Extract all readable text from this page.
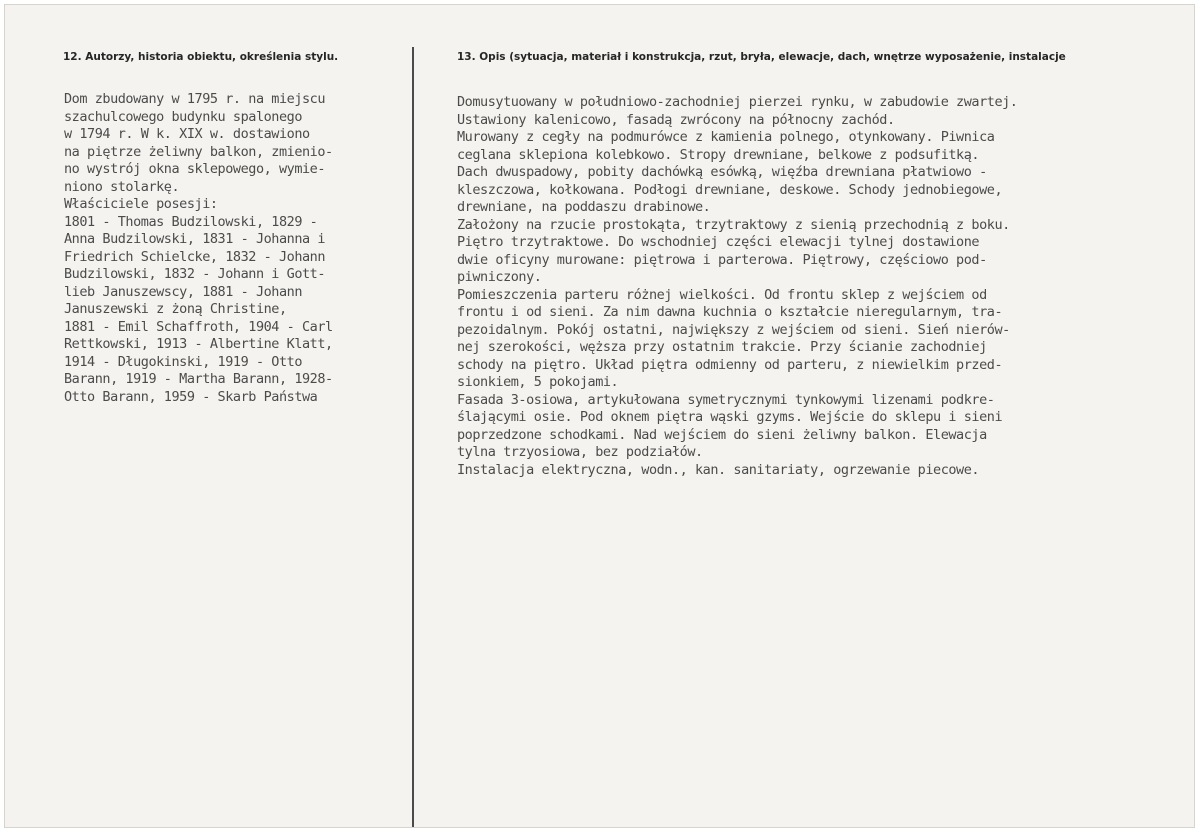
12. Autorzy, historia obiektu, określenia stylu.	13. Opis (sytuacja, materiał i konstrukcja, rzut, bryła, elewacje, dach, wnętrze wyposażenie, instalacje
Dom zbudowany w 1795 r. na miejscu
szachulcowego budynku spalonego
w 1794 r. W k. XIX w. dostawiono
na piętrze żeliwny balkon, zmienio-
no wystrój okna sklepowego, wymie-
niono stolarkę.
Właściciele posesji:
1801 - Thomas Budzilowski, 1829 -
Anna Budzilowski, 1831 - Johanna i
Friedrich Schielcke, 1832 - Johann
Budzilowski, 1832 - Johann i Gott-
lieb Januszewscy, 1881 - Johann
Januszewski z żoną Christine,
1881 - Emil Schaffroth, 1904 - Carl
Rettkowski, 1913 - Albertine Klatt,
1914 - Długokinski, 1919 - Otto
Barann, 1919 - Martha Barann, 1928-
Otto Barann, 1959 - Skarb Państwa
Domusytuowany w południowo-zachodniej pierzei rynku, w zabudowie zwartej.
Ustawiony kalenicowo, fasadą zwrócony na północny zachód.
Murowany z cegły na podmurówce z kamienia polnego, otynkowany. Piwnica
ceglana sklepiona kolebkowo. Stropy drewniane, belkowe z podsufitką.
Dach dwuspadowy, pobity dachówką esówką, więźba drewniana płatwiowo -
kleszczowa, kołkowana. Podłogi drewniane, deskowe. Schody jednobiegowe,
drewniane, na poddaszu drabinowe.
Założony na rzucie prostokąta, trzytraktowy z sienią przechodnią z boku.
Piętro trzytraktowe. Do wschodniej części elewacji tylnej dostawione
dwie oficyny murowane: piętrowa i parterowa. Piętrowy, częściowo pod-
piwniczony.
Pomieszczenia parteru różnej wielkości. Od frontu sklep z wejściem od
frontu i od sieni. Za nim dawna kuchnia o kształcie nieregularnym, tra-
pezoidalnym. Pokój ostatni, największy z wejściem od sieni. Sień nierów-
nej szerokości, węższa przy ostatnim trakcie. Przy ścianie zachodniej
schody na piętro. Układ piętra odmienny od parteru, z niewielkim przed-
sionkiem, 5 pokojami.
Fasada 3-osiowa, artykułowana symetrycznymi tynkowymi lizenami podkre-
ślającymi osie. Pod oknem piętra wąski gzyms. Wejście do sklepu i sieni
poprzedzone schodkami. Nad wejściem do sieni żeliwny balkon. Elewacja
tylna trzyosiowa, bez podziałów.
Instalacja elektryczna, wodn., kan. sanitariaty, ogrzewanie piecowe.
